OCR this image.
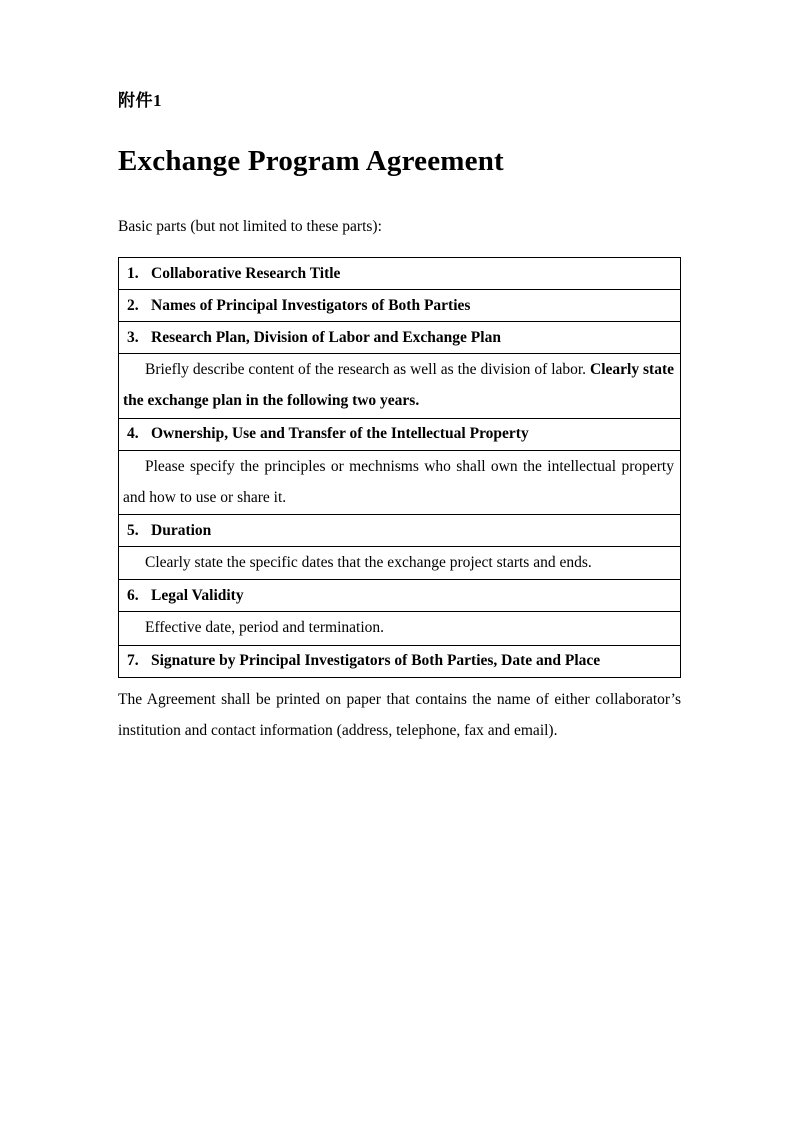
附件1
Exchange Program Agreement

Basic parts (but not limited to these parts):

1. Collaborative Research Title
2. Names of Principal Investigators of Both Parties
3. Research Plan, Division of Labor and Exchange Plan
Briefly describe content of the research as well as the division of labor. Clearly state the exchange plan in the following two years.
4. Ownership, Use and Transfer of the Intellectual Property
Please specify the principles or mechnisms who shall own the intellectual property and how to use or share it.
5. Duration
Clearly state the specific dates that the exchange project starts and ends.
6. Legal Validity
Effective date, period and termination.
7. Signature by Principal Investigators of Both Parties, Date and Place

The Agreement shall be printed on paper that contains the name of either collaborator’s institution and contact information (address, telephone, fax and email).
